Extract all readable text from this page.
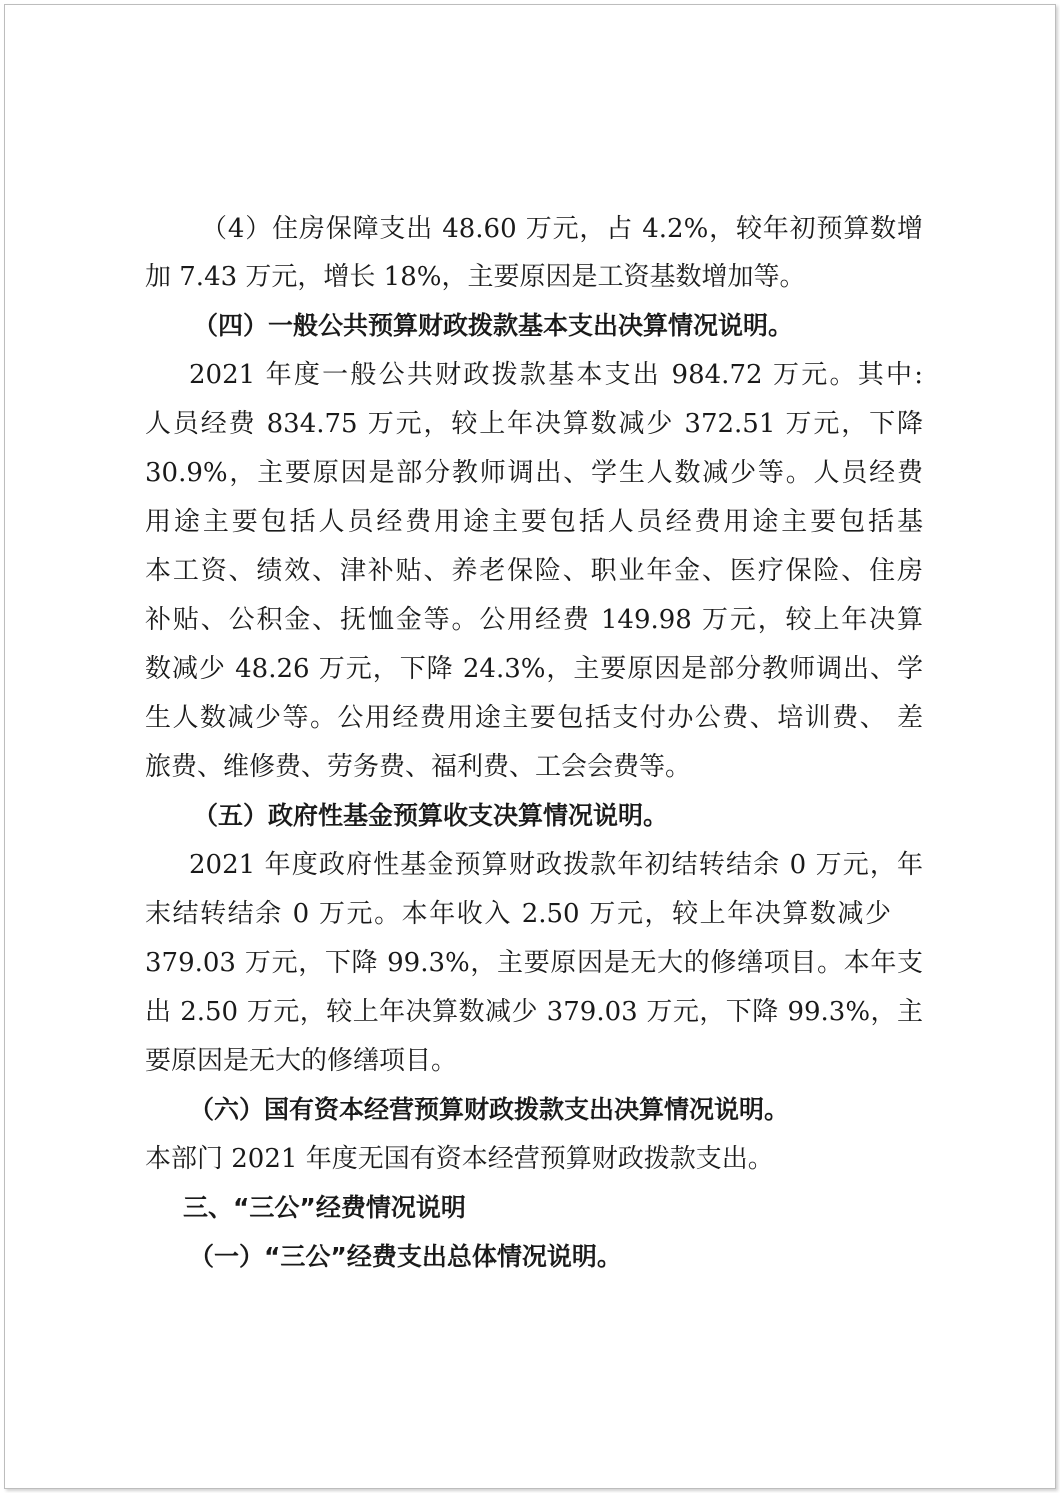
（4）住房保障支出 48.60 万元，占 4.2%，较年初预算数增
加 7.43 万元，增长 18%，主要原因是工资基数增加等。
（四）一般公共预算财政拨款基本支出决算情况说明。
2021 年度一般公共财政拨款基本支出 984.72 万元。其中:
人员经费 834.75 万元，较上年决算数减少 372.51 万元，下降
30.9%，主要原因是部分教师调出、学生人数减少等。人员经费
用途主要包括人员经费用途主要包括人员经费用途主要包括基
本工资、绩效、津补贴、养老保险、职业年金、医疗保险、住房
补贴、公积金、抚恤金等。公用经费 149.98 万元，较上年决算
数减少 48.26 万元，下降 24.3%，主要原因是部分教师调出、学
生人数减少等。公用经费用途主要包括支付办公费、培训费、 差
旅费、维修费、劳务费、福利费、工会会费等。
（五）政府性基金预算收支决算情况说明。
2021 年度政府性基金预算财政拨款年初结转结余 0 万元，年
末结转结余 0 万元。本年收入 2.50 万元，较上年决算数减少
379.03 万元，下降 99.3%，主要原因是无大的修缮项目。本年支
出 2.50 万元，较上年决算数减少 379.03 万元，下降 99.3%，主
要原因是无大的修缮项目。
（六）国有资本经营预算财政拨款支出决算情况说明。
本部门 2021 年度无国有资本经营预算财政拨款支出。
三、“三公”经费情况说明
（一）“三公”经费支出总体情况说明。
